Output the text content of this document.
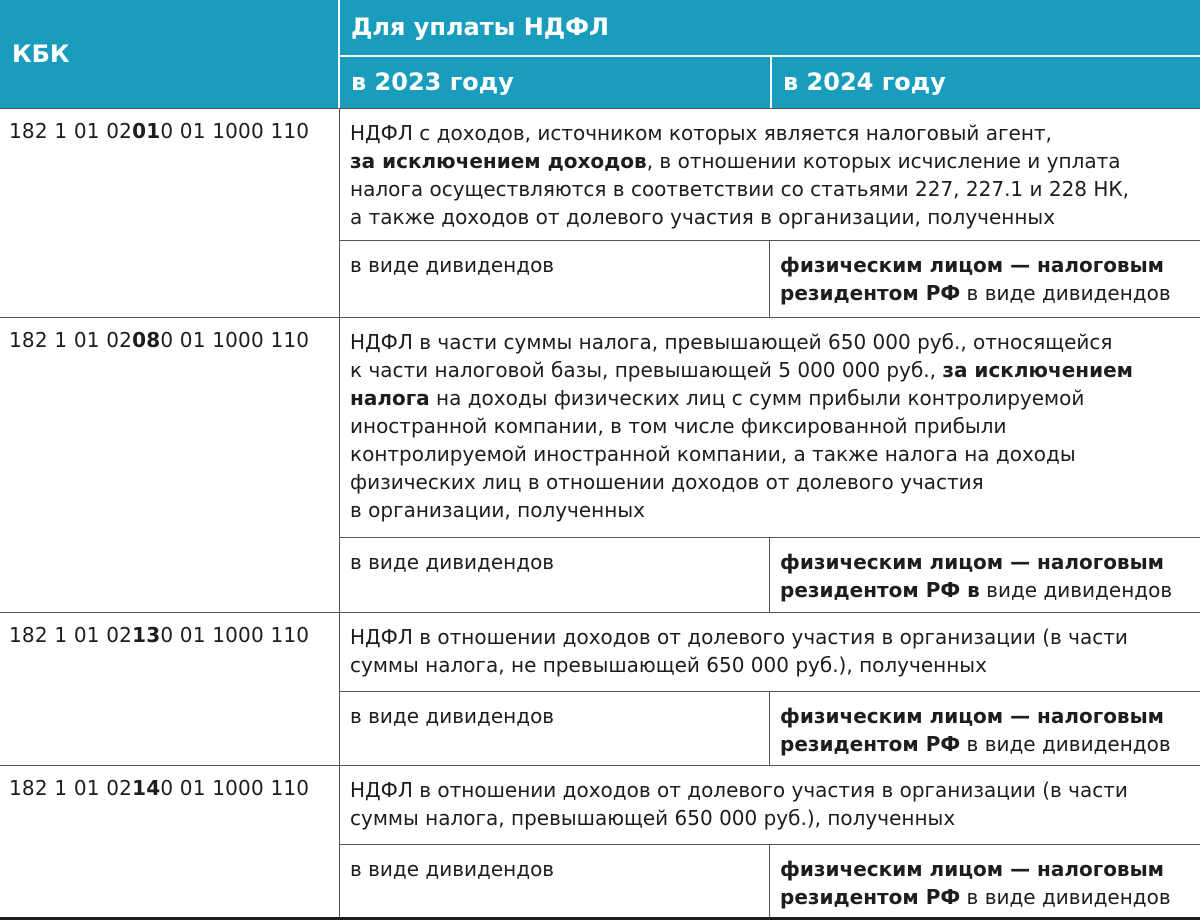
КБК
Для уплаты НДФЛ
в 2023 году	в 2024 году
182 1 01 02010 01 1000 110	НДФЛ с доходов, источником которых является налоговый агент,
за исключением доходов, в отношении которых исчисление и уплата
налога осуществляются в соответствии со статьями 227, 227.1 и 228 НК,
а также доходов от долевого участия в организации, полученных
в виде дивидендов	физическим лицом — налоговым резидентом РФ в виде дивидендов
182 1 01 02080 01 1000 110	НДФЛ в части суммы налога, превышающей 650 000 руб., относящейся
к части налоговой базы, превышающей 5 000 000 руб., за исключением
налога на доходы физических лиц с сумм прибыли контролируемой
иностранной компании, в том числе фиксированной прибыли
контролируемой иностранной компании, а также налога на доходы
физических лиц в отношении доходов от долевого участия
в организации, полученных
в виде дивидендов	физическим лицом — налоговым резидентом РФ в виде дивидендов
182 1 01 02130 01 1000 110	НДФЛ в отношении доходов от долевого участия в организации (в части
суммы налога, не превышающей 650 000 руб.), полученных
в виде дивидендов	физическим лицом — налоговым резидентом РФ в виде дивидендов
182 1 01 02140 01 1000 110	НДФЛ в отношении доходов от долевого участия в организации (в части
суммы налога, превышающей 650 000 руб.), полученных
в виде дивидендов	физическим лицом — налоговым резидентом РФ в виде дивидендов
